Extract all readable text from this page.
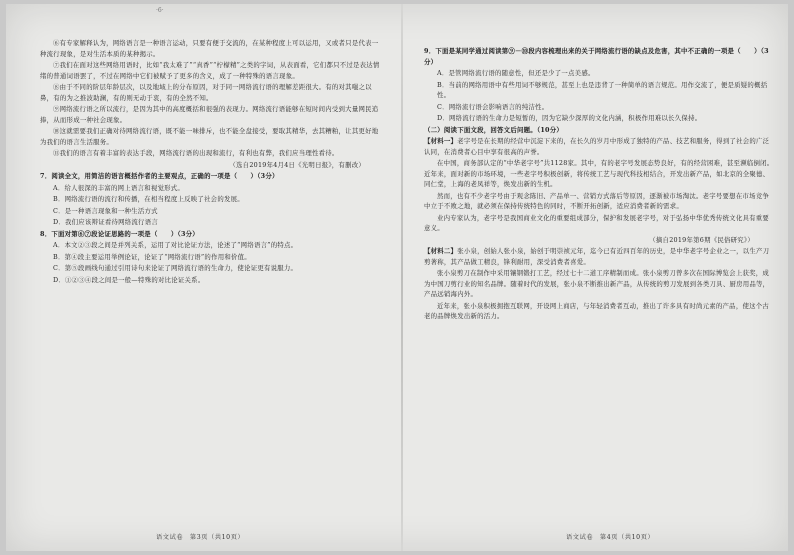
·6·

⑥有专家解释认为，网络语言是一种语言运动，只要有便于交流的，在某种程度上可以运用，又或者只是代表一种流行现象，是对生活本质的某种揭示。

⑦我们在面对这些网络用语时，比如“我太难了”“真香”“柠檬精”之类的字词，从表面看，它们都只不过是表达情绪的普通词语罢了，不过在网络中它们被赋予了更多的含义，成了一种特殊的语言现象。

⑧由于不同的阶层年龄层次，以及地域上的分布原因，对于同一网络流行语的理解差距很大。有的对其嗤之以鼻，有的为之推波助澜，有的则无动于衷，有的全然不知。

⑨网络流行语之所以流行，是因为其中的高度概括和很强的表现力。网络流行语能够在短时间内受到大量网民追捧，从而形成一种社会现象。

⑩这就需要我们正确对待网络流行语，既不能一味排斥，也不能全盘接受，要取其精华，去其糟粕，让其更好地为我们的语言生活服务。

⑪我们的语言有着丰富的表达手段，网络流行语的出现和流行，有利也有弊，我们应当理性看待。

（选自2019年4月4日《光明日报》，有删改）

7．阅读全文，用简洁的语言概括作者的主要观点，正确的一项是（　　）（3分）

A．给人很深的丰富的网上语言和视觉形式。

B．网络流行语的流行和传播，在相当程度上反映了社会的发展。

C．是一种语言现象和一种生活方式

D．我们应该辩证看待网络流行语言

8．下面对第⑥⑦段论证思路的一项是（　　）（3分）

A．本文②③段之间是并列关系，运用了对比论证方法，论述了“网络语言”的特点。

B．第④段主要运用举例论证，论证了“网络流行语”的作用和价值。

C．第⑤段画线句通过引用诗句来论证了网络流行语的生命力，使论证更有说服力。

D．①②③④段之间是一般—特殊的对比论证关系。

9．下面是某同学通过阅读第⑨－⑩段内容梳理出来的关于网络流行语的缺点及危害，其中不正确的一项是（　　）（3分）

A．是管网络流行语的随意性，但还是少了一点美感。

B．当前的网络用语中有些用词不够规范，甚至上也是违背了一种简单的语言规范。用作交流了，便是质疑的概括性。

C．网络流行语会影响语言的纯洁性。

D．网络流行语的生命力是短暂的，因为它缺少深厚的文化内涵，积极作用难以长久保持。

（二）阅读下面文段，回答文后问题。（10分）

【材料一】老字号是在长期的经营中沉淀下来的，在长久的岁月中形成了独特的产品、技艺和服务，得到了社会的广泛认同，在消费者心目中享有很高的声誉。

在中国，商务部认定的“中华老字号”共1128家。其中，有的老字号发展态势良好，有的经营困难，甚至濒临倒闭。近年来，面对新的市场环境，一些老字号积极创新，将传统工艺与现代科技相结合，开发出新产品，如北京的全聚德、同仁堂，上海的老凤祥等，焕发出新的生机。

然而，也有不少老字号由于观念陈旧、产品单一、营销方式落后等原因，逐渐被市场淘汰。老字号要想在市场竞争中立于不败之地，就必须在保持传统特色的同时，不断开拓创新，适应消费者新的需求。

业内专家认为，老字号是我国商业文化的重要组成部分，保护和发展老字号，对于弘扬中华优秀传统文化具有重要意义。

（摘自2019年第6期《民俗研究》）

【材料二】张小泉，创始人张小泉，始创于明崇祯元年，迄今已有近四百年的历史，是中华老字号企业之一，以生产刀剪著称，其产品做工精良，锋利耐用，深受消费者喜爱。

张小泉剪刀在制作中采用镶钢锻打工艺，经过七十二道工序精制而成。张小泉剪刀曾多次在国际博览会上获奖，成为中国刀剪行业的知名品牌。随着时代的发展，张小泉不断推出新产品，从传统的剪刀发展到各类刀具、厨房用品等，产品远销海内外。

近年来，张小泉积极拥抱互联网，开设网上商店，与年轻消费者互动，推出了许多具有时尚元素的产品，使这个古老的品牌焕发出新的活力。

语文试卷　第3页（共10页）	语文试卷　第4页（共10页）
